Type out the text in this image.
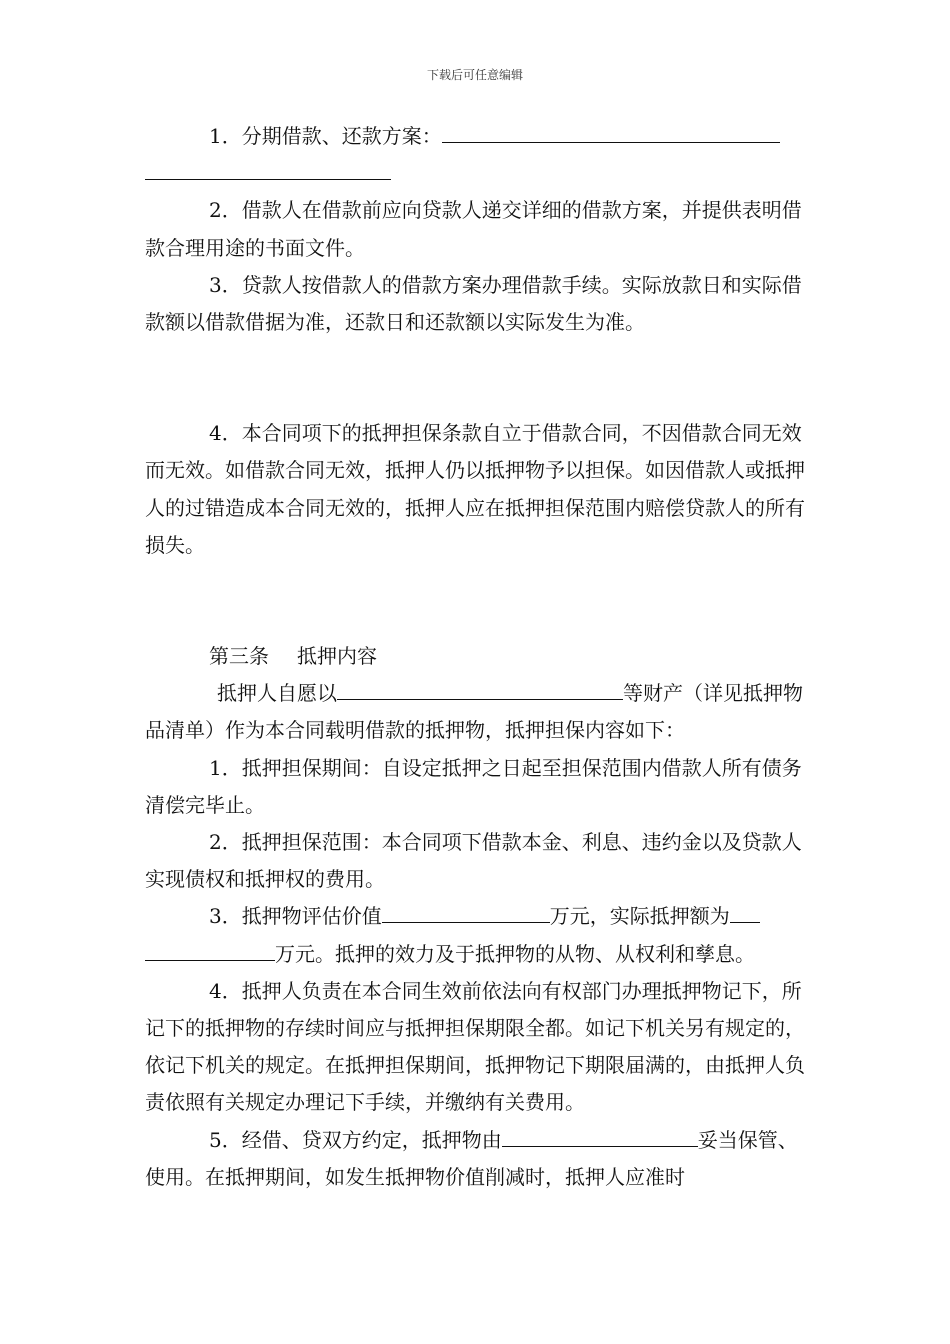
下载后可任意编辑

1．分期借款、还款方案：

2．借款人在借款前应向贷款人递交详细的借款方案，并提供表明借款合理用途的书面文件。

3．贷款人按借款人的借款方案办理借款手续。实际放款日和实际借款额以借款借据为准，还款日和还款额以实际发生为准。

4．本合同项下的抵押担保条款自立于借款合同，不因借款合同无效而无效。如借款合同无效，抵押人仍以抵押物予以担保。如因借款人或抵押人的过错造成本合同无效的，抵押人应在抵押担保范围内赔偿贷款人的所有损失。

第三条 抵押内容

抵押人自愿以	等财产（详见抵押物品清单）作为本合同载明借款的抵押物，抵押担保内容如下：

1．抵押担保期间：自设定抵押之日起至担保范围内借款人所有债务清偿完毕止。

2．抵押担保范围：本合同项下借款本金、利息、违约金以及贷款人实现债权和抵押权的费用。

3．抵押物评估价值	万元，实际抵押额为
万元。抵押的效力及于抵押物的从物、从权利和孳息。

4．抵押人负责在本合同生效前依法向有权部门办理抵押物记下，所记下的抵押物的存续时间应与抵押担保期限全都。如记下机关另有规定的，依记下机关的规定。在抵押担保期间，抵押物记下期限届满的，由抵押人负责依照有关规定办理记下手续，并缴纳有关费用。

5．经借、贷双方约定，抵押物由	妥当保管、使用。在抵押期间，如发生抵押物价值削减时，抵押人应准时
